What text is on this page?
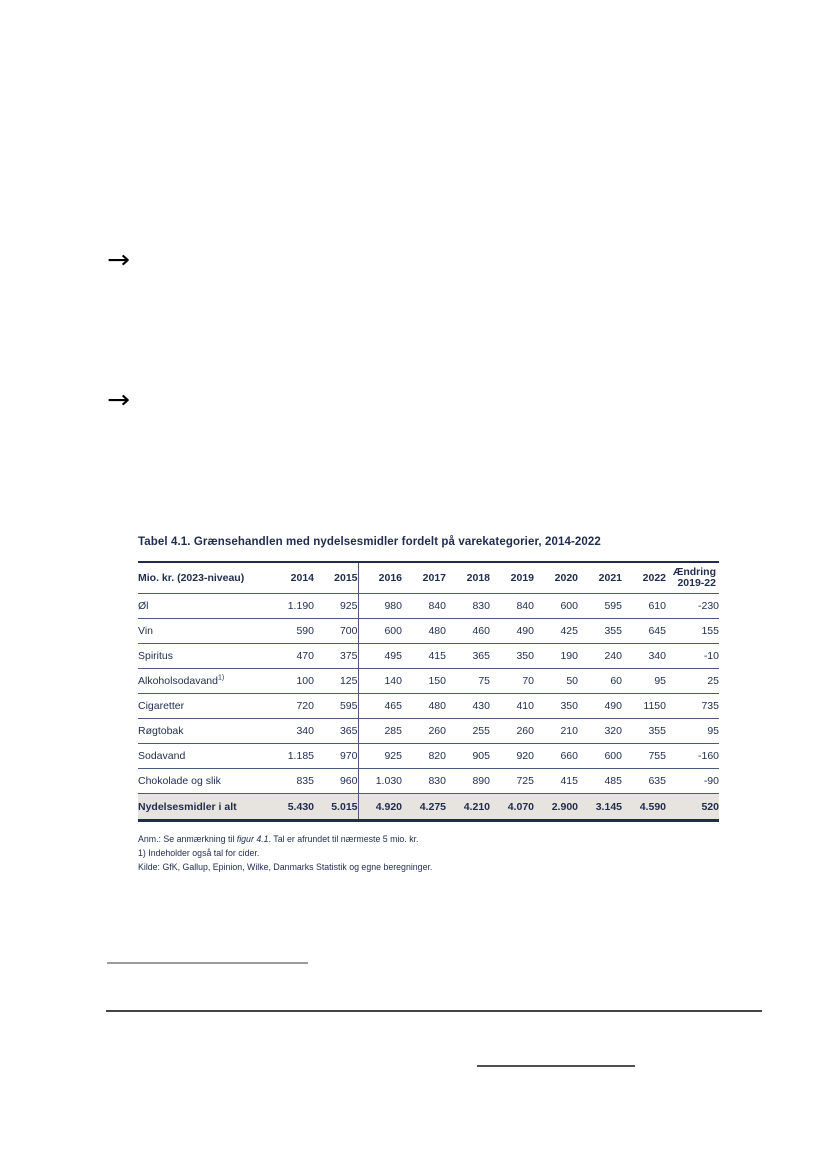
→
→
Tabel 4.1. Grænsehandlen med nydelsesmidler fordelt på varekategorier, 2014-2022
Mio. kr. (2023-niveau)	2014	2015	2016	2017	2018	2019	2020	2021	2022	Ændring
2019-22

Øl	1.190	925	980	840	830	840	600	595	610	-230
Vin	590	700	600	480	460	490	425	355	645	155
Spiritus	470	375	495	415	365	350	190	240	340	-10
Alkoholsodavand$^{1)}$	100	125	140	150	75	70	50	60	95	25
Cigaretter	720	595	465	480	430	410	350	490	1150	735
Røgtobak	340	365	285	260	255	260	210	320	355	95
Sodavand	1.185	970	925	820	905	920	660	600	755	-160
Chokolade og slik	835	960	1.030	830	890	725	415	485	635	-90
Nydelsesmidler i alt	5.430	5.015	4.920	4.275	4.210	4.070	2.900	3.145	4.590	520
Anm.: Se anmærkning til figur 4.1. Tal er afrundet til nærmeste 5 mio. kr.
1) Indeholder også tal for cider.
Kilde: GfK, Gallup, Epinion, Wilke, Danmarks Statistik og egne beregninger.
